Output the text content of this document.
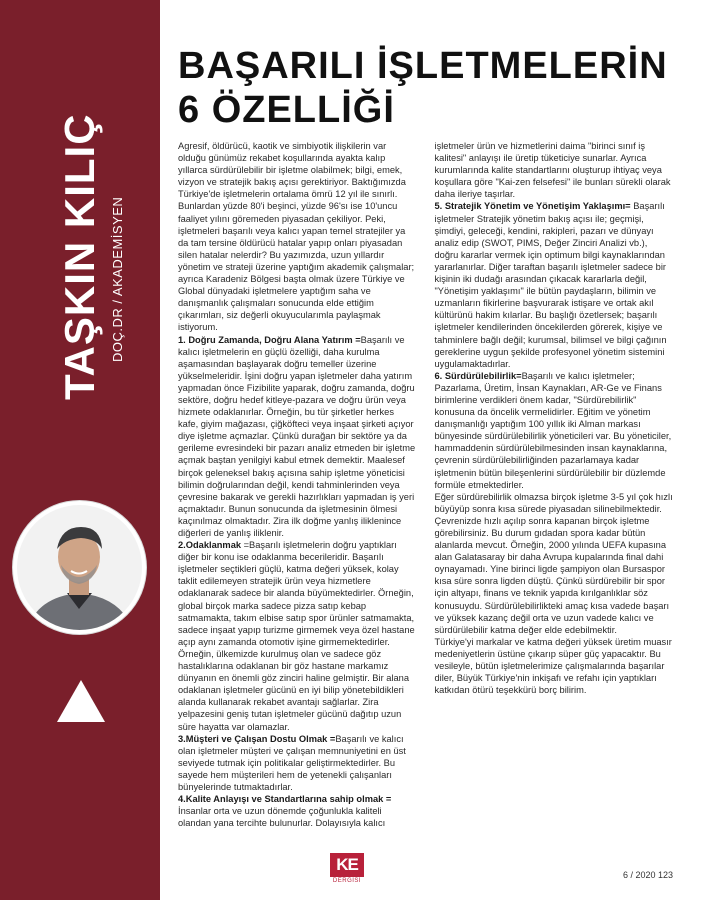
TAŞKIN KILIÇ DOÇ.DR / AKADEMİSYEN
BAŞARILI İŞLETMELERİN
6 ÖZELLİĞİ

Agresif, öldürücü, kaotik ve simbiyotik ilişkilerin var olduğu günümüz rekabet koşullarında ayakta kalıp yıllarca sürdürülebilir bir işletme olabilmek; bilgi, emek, vizyon ve stratejik bakış açısı gerektiriyor. Baktığımızda Türkiye'de işletmelerin ortalama ömrü 12 yıl ile sınırlı. Bunlardan yüzde 80'i beşinci, yüzde 96'sı ise 10'uncu faaliyet yılını göremeden piyasadan çekiliyor. Peki, işletmeleri başarılı veya kalıcı yapan temel stratejiler ya da tam tersine öldürücü hatalar yapıp onları piyasadan silen hatalar nelerdir? Bu yazımızda, uzun yıllardır yönetim ve strateji üzerine yaptığım akademik çalışmalar; ayrıca Karadeniz Bölgesi başta olmak üzere Türkiye ve Global dünyadaki işletmelere yaptığım saha ve danışmanlık çalışmaları sonucunda elde ettiğim çıkarımları, siz değerli okuyucularımla paylaşmak istiyorum.

1. Doğru Zamanda, Doğru Alana Yatırım =Başarılı ve kalıcı işletmelerin en güçlü özelliği, daha kurulma aşamasından başlayarak doğru temeller üzerine yükselmeleridir. İşini doğru yapan işletmeler daha yatırım yapmadan önce Fizibilite yaparak, doğru zamanda, doğru sektöre, doğru hedef kitleye-pazara ve doğru ürün veya hizmete odaklanırlar. Örneğin, bu tür şirketler herkes kafe, giyim mağazası, çiğköfteci veya inşaat şirketi açıyor diye işletme açmazlar. Çünkü durağan bir sektöre ya da gerileme evresindeki bir pazarı analiz etmeden bir işletme açmak baştan yenilgiyi kabul etmek demektir. Maalesef birçok geleneksel bakış açısına sahip işletme yöneticisi bilimin doğrularından değil, kendi tahminlerinden veya çevresine bakarak ve gerekli hazırlıkları yapmadan iş yeri açmaktadır. Bunun sonucunda da işletmesinin ölmesi kaçınılmaz olmaktadır. Zira ilk doğme yanlış iliklenince diğerleri de yanlış iliklenir.

2.Odaklanmak =Başarılı işletmelerin doğru yaptıkları diğer bir konu ise odaklanma becerileridir. Başarılı işletmeler seçtikleri güçlü, katma değeri yüksek, kolay taklit edilemeyen stratejik ürün veya hizmetlere odaklanarak sadece bir alanda büyümektedirler. Örneğin, global birçok marka sadece pizza satıp kebap satmamakta, takım elbise satıp spor ürünler satmamakta, sadece inşaat yapıp turizme girmemek veya özel hastane açıp aynı zamanda otomotiv işine girmemektedirler. Örneğin, ülkemizde kurulmuş olan ve sadece göz hastalıklarına odaklanan bir göz hastane markamız dünyanın en önemli göz zinciri haline gelmiştir. Bir alana odaklanan işletmeler gücünü en iyi bilip yönetebildikleri alanda kullanarak rekabet avantajı sağlarlar. Zira yelpazesini geniş tutan işletmeler gücünü dağıtıp uzun süre hayatta var olamazlar.

3.Müşteri ve Çalışan Dostu Olmak =Başarılı ve kalıcı olan işletmeler müşteri ve çalışan memnuniyetini en üst seviyede tutmak için politikalar geliştirmektedirler. Bu sayede hem müşterileri hem de yetenekli çalışanları bünyelerinde tutmaktadırlar.

4.Kalite Anlayışı ve Standartlarına sahip olmak = İnsanlar orta ve uzun dönemde çoğunlukla kaliteli olandan yana tercihte bulunurlar. Dolayısıyla kalıcı işletmeler ürün ve hizmetlerini daima "birinci sınıf iş kalitesi" anlayışı ile üretip tüketiciye sunarlar. Ayrıca kurumlarında kalite standartlarını oluşturup ihtiyaç veya koşullara göre "Kai-zen felsefesi" ile bunları sürekli olarak daha ileriye taşırlar.

5. Stratejik Yönetim ve Yönetişim Yaklaşımı= Başarılı işletmeler Stratejik yönetim bakış açısı ile; geçmişi, şimdiyi, geleceği, kendini, rakipleri, pazarı ve dünyayı analiz edip (SWOT, PIMS, Değer Zinciri Analizi vb.), doğru kararlar vermek için optimum bilgi kaynaklarından yararlanırlar. Diğer taraftan başarılı işletmeler sadece bir kişinin iki dudağı arasından çıkacak kararlarla değil, "Yönetişim yaklaşımı" ile bütün paydaşların, bilimin ve uzmanların fikirlerine başvurarak istişare ve ortak akıl kültürünü hakim kılarlar. Bu başlığı özetlersek; başarılı işletmeler kendilerinden öncekilerden görerek, kişiye ve tahminlere bağlı değil; kurumsal, bilimsel ve bilgi çağının gereklerine uygun şekilde profesyonel yönetim sistemini uygulamaktadırlar.

6. Sürdürülebilirlik=Başarılı ve kalıcı işletmeler; Pazarlama, Üretim, İnsan Kaynakları, AR-Ge ve Finans birimlerine verdikleri önem kadar, "Sürdürebilirlik" konusuna da öncelik vermelidirler. Eğitim ve yönetim danışmanlığı yaptığım 100 yıllık iki Alman markası bünyesinde sürdürülebilirlik yöneticileri var. Bu yöneticiler, hammaddenin sürdürülebilmesinden insan kaynaklarına, çevrenin sürdürülebilirliğinden pazarlamaya kadar işletmenin bütün bileşenlerini sürdürülebilir bir düzlemde formüle etmektedirler.

Eğer sürdürebilirlik olmazsa birçok işletme 3-5 yıl çok hızlı büyüyüp sonra kısa sürede piyasadan silinebilmektedir. Çevrenizde hızlı açılıp sonra kapanan birçok işletme görebilirsiniz. Bu durum gıdadan spora kadar bütün alanlarda mevcut. Örneğin, 2000 yılında UEFA kupasına alan Galatasaray bir daha Avrupa kupalarında final dahi oynayamadı. Yine birinci ligde şampiyon olan Bursaspor kısa süre sonra ligden düştü. Çünkü sürdürebilir bir spor için altyapı, finans ve teknik yapıda kırılganlıklar söz konusuydu. Sürdürülebilirlikteki amaç kısa vadede başarı ve yüksek kazanç değil orta ve uzun vadede kalıcı ve sürdürülebilir katma değer elde edebilmektir.

Türkiye'yi markalar ve katma değeri yüksek üretim muasır medeniyetlerin üstüne çıkarıp süper güç yapacaktır. Bu vesileyle, bütün işletmelerimize çalışmalarında başarılar diler, Büyük Türkiye'nin inkişafı ve refahı için yaptıkları katkıdan ötürü teşekkürü borç bilirim.

KE
DERGİSİ
6 / 2020 123
